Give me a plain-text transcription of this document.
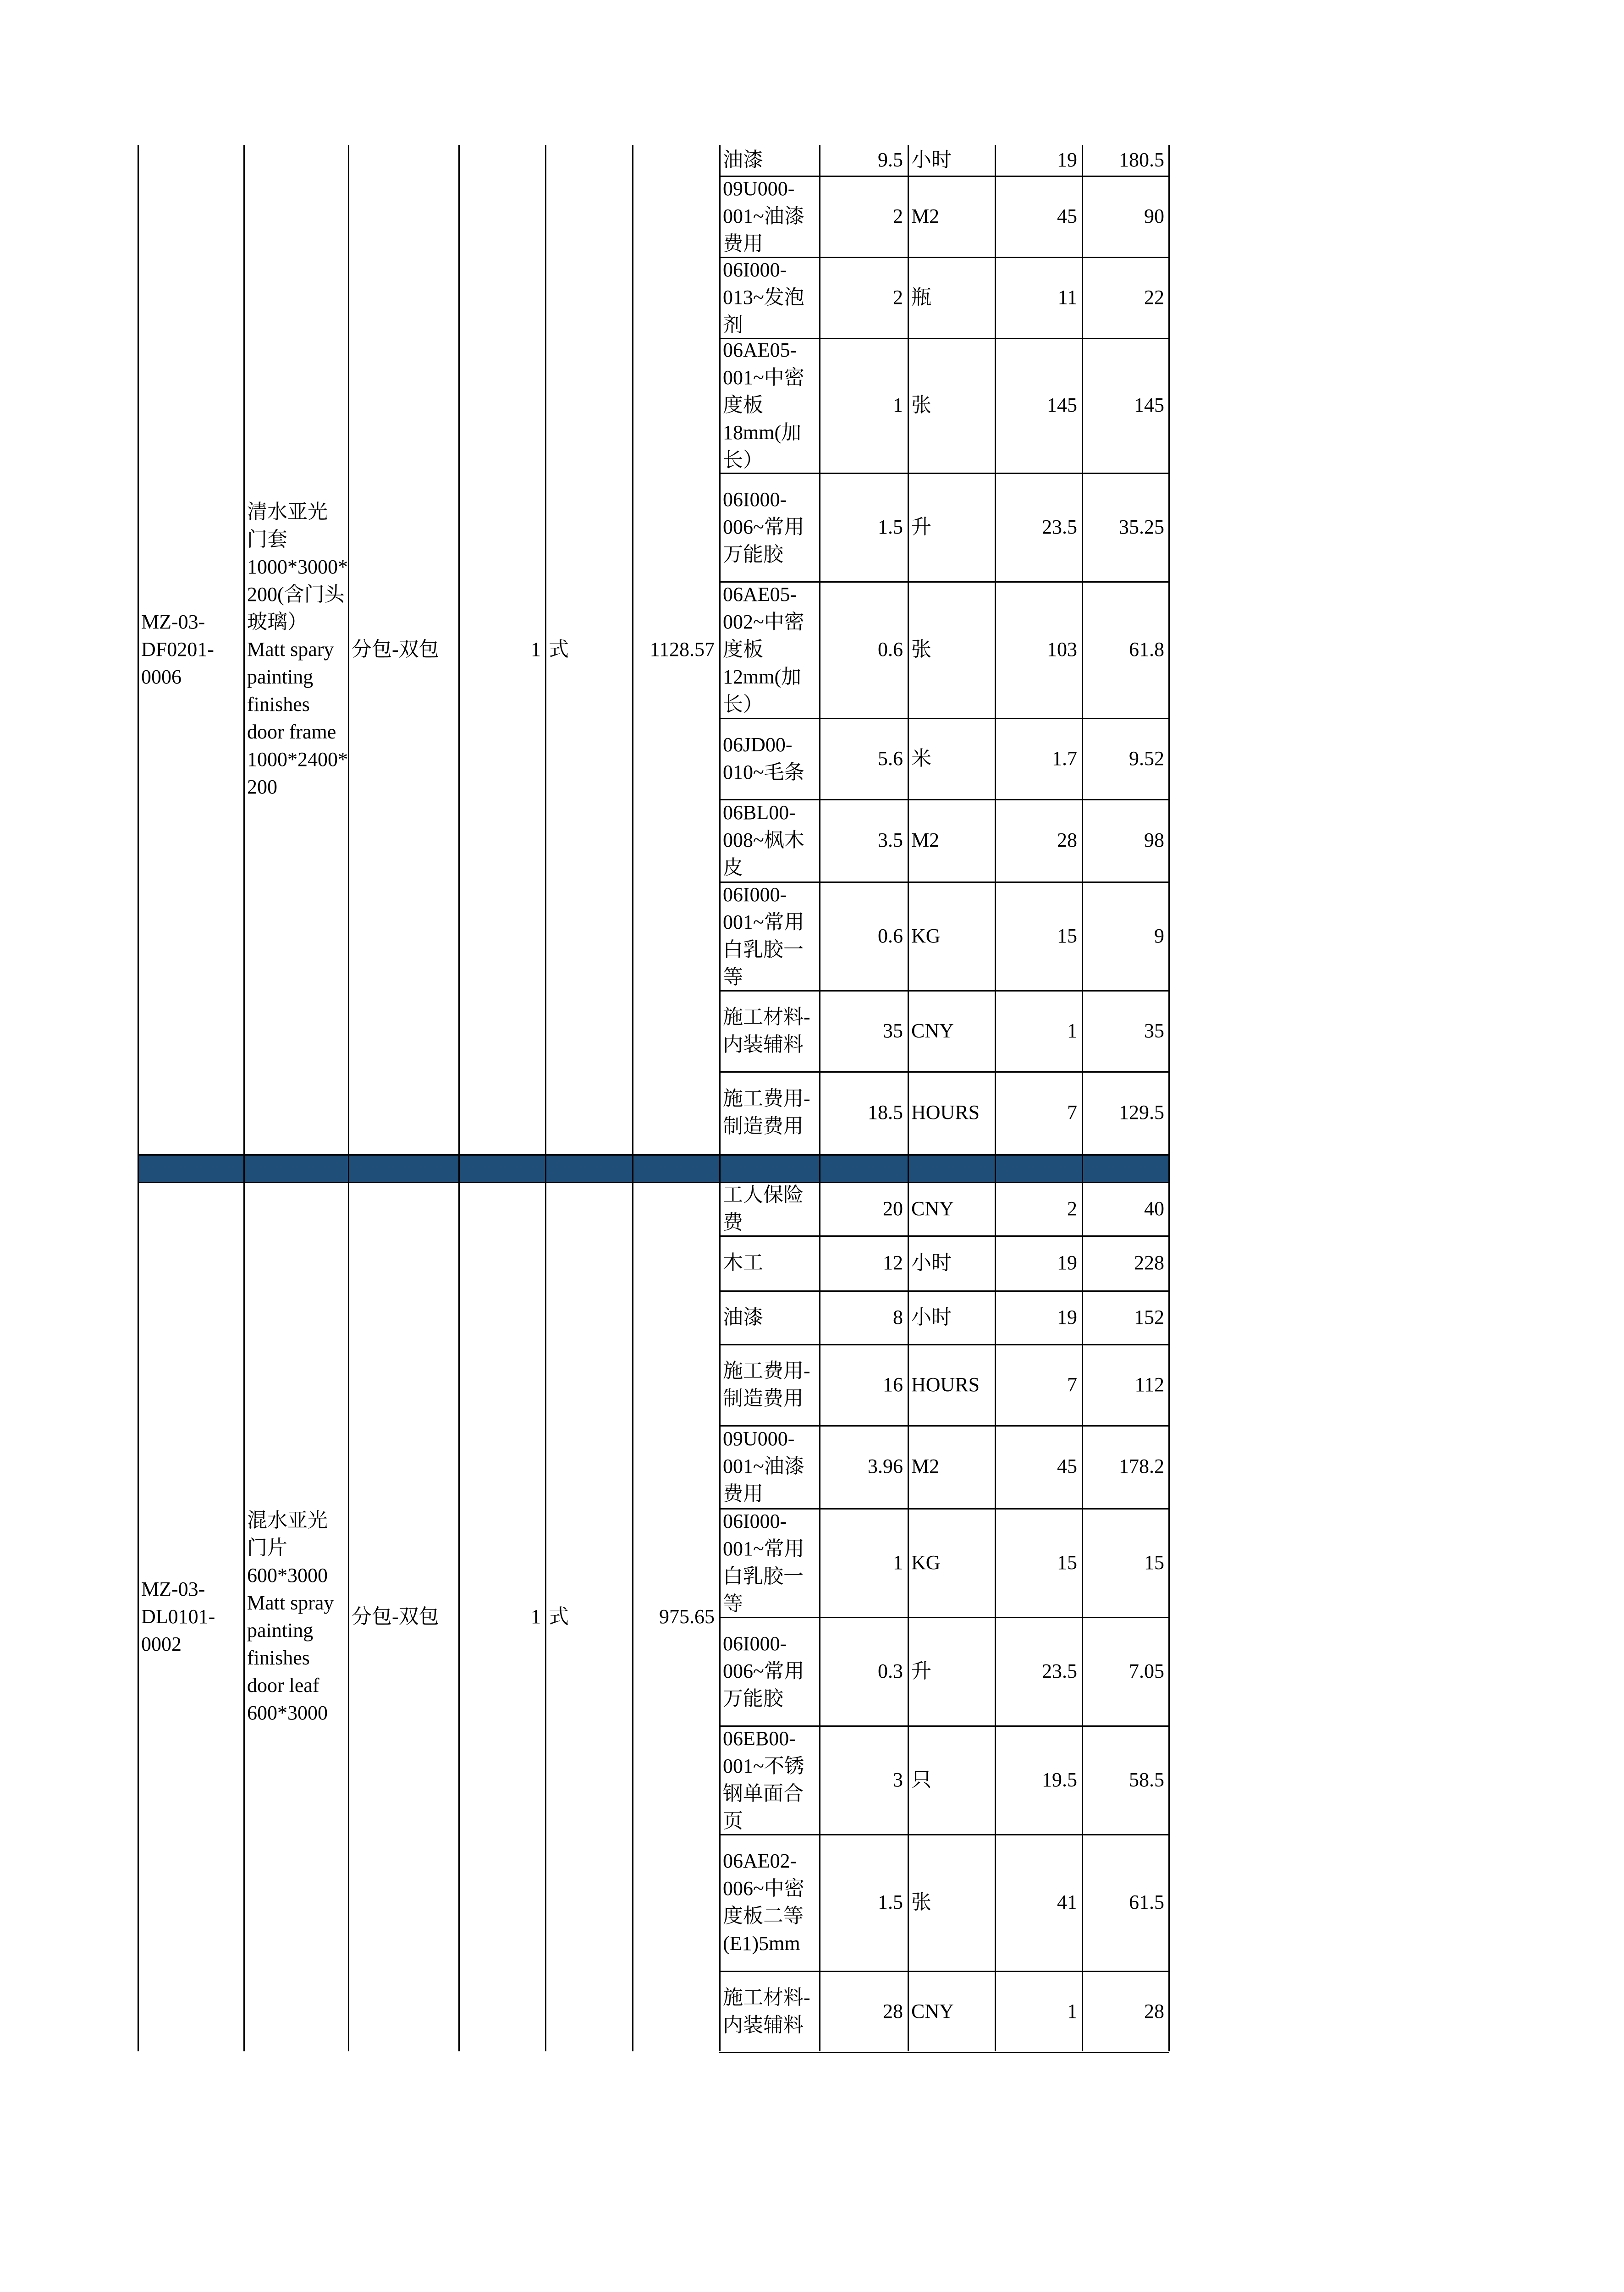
MZ-03-
DF0201-
0006
清水亚光
门套
1000*3000*
200(含门头
玻璃）
Matt spary
painting
finishes
door frame
1000*2400*
200
分包-双包	1 式	1128.57
油漆	9.5 小时	19 180.5
09U000-
001~油漆
费用
2 M2	45	90
06I000-
013~发泡
剂
2 瓶	11	22
06AE05-
001~中密
度板
18mm(加
长）
1 张	145	145
06I000-
006~常用
万能胶
1.5 升	23.5 35.25
06AE05-
002~中密
度板
12mm(加
长）
0.6 张	103	61.8
06JD00-
010~毛条
5.6 米	1.7	9.52
06BL00-
008~枫木
皮
3.5 M2	28	98
06I000-
001~常用
白乳胶一
等
0.6 KG	15	9
施工材料-
内装辅料
35 CNY	1	35
施工费用-
制造费用
18.5 HOURS	7 129.5
MZ-03-
DL0101-
0002
混水亚光
门片
600*3000
Matt spray
painting
finishes
door leaf
600*3000
分包-双包	1 式	975.65
工人保险
费
20 CNY	2	40
木工	12 小时	19	228
油漆	8 小时	19	152
施工费用-
制造费用
16 HOURS	7	112
09U000-
001~油漆
费用
3.96 M2	45 178.2
06I000-
001~常用
白乳胶一
等
1 KG	15	15
06I000-
006~常用
万能胶
0.3 升	23.5	7.05
06EB00-
001~不锈
钢单面合
页
3 只	19.5	58.5
06AE02-
006~中密
度板二等
(E1)5mm
1.5 张	41	61.5
施工材料-
内装辅料
28 CNY	1	28
